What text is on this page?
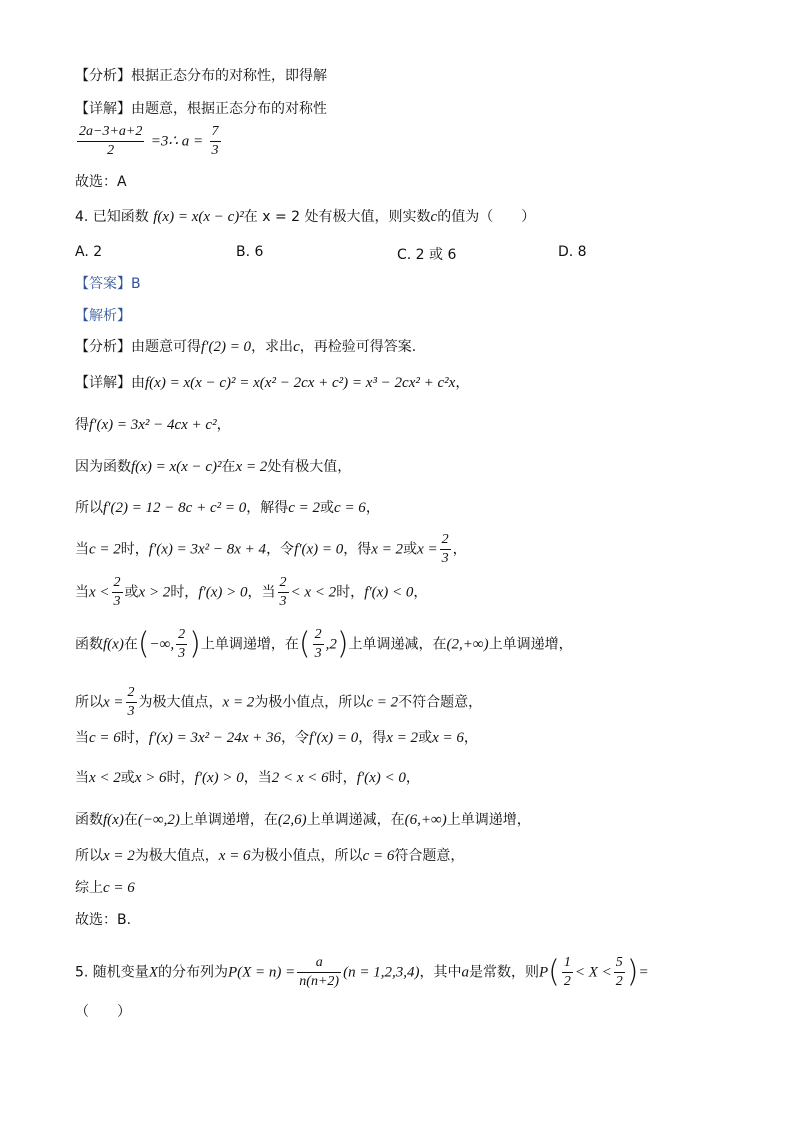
【分析】根据正态分布的对称性，即得解
【详解】由题意，根据正态分布的对称性
$\frac{2a-3+a+2}{2}$ =3∴ $a = \frac{7}{3}$
故选：A
4. 已知函数 f(x) = x(x − c)²在 x = 2 处有极大值，则实数c的值为（　　）
A. 2	B. 6	C. 2 或 6	D. 8
【答案】B
【解析】
【分析】由题意可得f′(2) = 0，求出c，再检验可得答案.
【详解】由f(x) = x(x − c)² = x(x² − 2cx + c²) = x³ − 2cx² + c²x，
得f′(x) = 3x² − 4cx + c²，
因为函数f(x) = x(x − c)²在x = 2处有极大值，
所以f′(2) = 12 − 8c + c² = 0，解得c = 2或c = 6，
当c = 2时，f′(x) = 3x² − 8x + 4，令f′(x) = 0，得x = 2或$x = \frac{2}{3}$ ，
当$x < \frac{2}{3}$ 或x > 2时，f′(x) > 0，当 $\frac{2}{3} < x < 2$时，f′(x) < 0，
函数f(x)在(−∞, $\frac{2}{3}$ )上单调递增，在( $\frac{2}{3} ,2$)上单调递减，在(2,+∞)上单调递增，
所以$x = \frac{2}{3}$ 为极大值点，x = 2为极小值点，所以c = 2不符合题意，
当c = 6时，f′(x) = 3x² − 24x + 36，令f′(x) = 0，得x = 2或x = 6，
当x < 2或x > 6时，f′(x) > 0，当2 < x < 6时，f′(x) < 0，
函数f(x)在(−∞,2)上单调递增，在(2,6)上单调递减，在(6,+∞)上单调递增，
所以x = 2为极大值点，x = 6为极小值点，所以c = 6符合题意，
综上c = 6
故选：B.
5. 随机变量X的分布列为$P(X = n) = \frac{a}{n(n+2)} (n = 1,2,3,4)$，其中a是常数，则$P( \frac{1}{2} < X < \frac{5}{2}$ )=
（　　）
